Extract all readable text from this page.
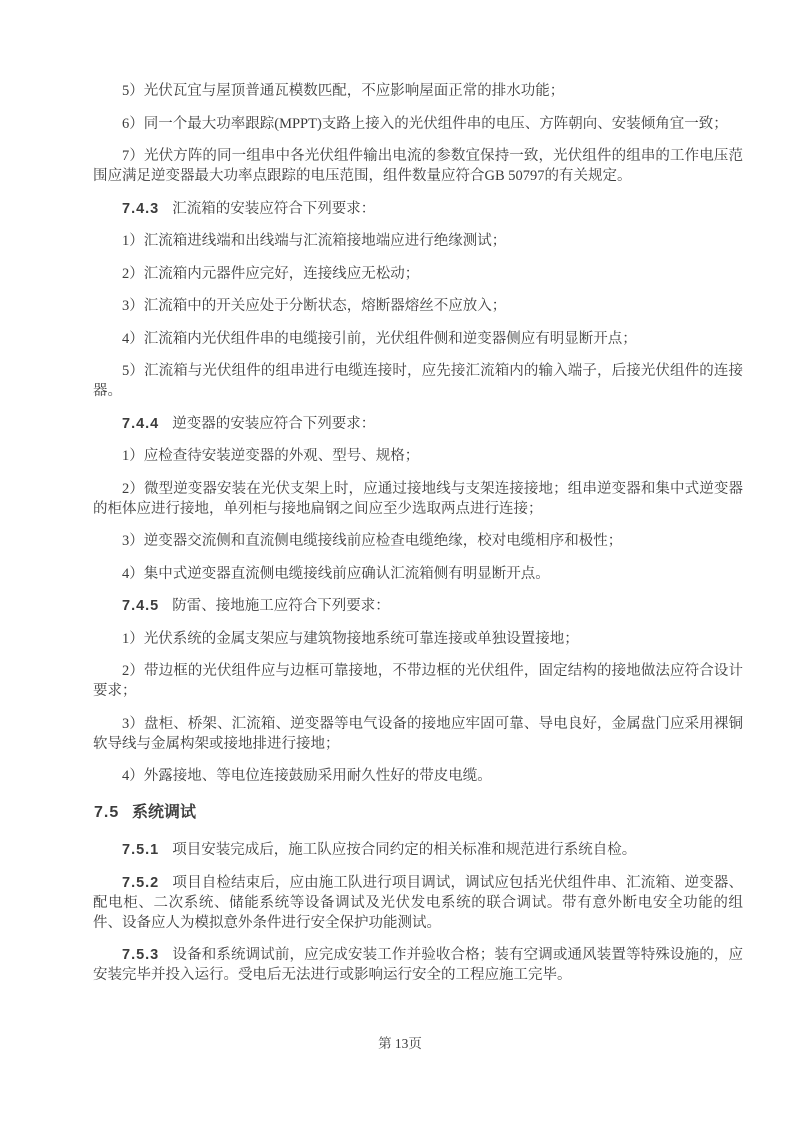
5）光伏瓦宜与屋顶普通瓦模数匹配，不应影响屋面正常的排水功能；

6）同一个最大功率跟踪(MPPT)支路上接入的光伏组件串的电压、方阵朝向、安装倾角宜一致；

7）光伏方阵的同一组串中各光伏组件输出电流的参数宜保持一致，光伏组件的组串的工作电压范围应满足逆变器最大功率点跟踪的电压范围，组件数量应符合GB 50797的有关规定。

7.4.3 汇流箱的安装应符合下列要求：

1）汇流箱进线端和出线端与汇流箱接地端应进行绝缘测试；

2）汇流箱内元器件应完好，连接线应无松动；

3）汇流箱中的开关应处于分断状态，熔断器熔丝不应放入；

4）汇流箱内光伏组件串的电缆接引前，光伏组件侧和逆变器侧应有明显断开点；

5）汇流箱与光伏组件的组串进行电缆连接时，应先接汇流箱内的输入端子，后接光伏组件的连接器。

7.4.4 逆变器的安装应符合下列要求：

1）应检查待安装逆变器的外观、型号、规格；

2）微型逆变器安装在光伏支架上时，应通过接地线与支架连接接地；组串逆变器和集中式逆变器的柜体应进行接地，单列柜与接地扁钢之间应至少选取两点进行连接；

3）逆变器交流侧和直流侧电缆接线前应检查电缆绝缘，校对电缆相序和极性；

4）集中式逆变器直流侧电缆接线前应确认汇流箱侧有明显断开点。

7.4.5 防雷、接地施工应符合下列要求：

1）光伏系统的金属支架应与建筑物接地系统可靠连接或单独设置接地；

2）带边框的光伏组件应与边框可靠接地，不带边框的光伏组件，固定结构的接地做法应符合设计要求；

3）盘柜、桥架、汇流箱、逆变器等电气设备的接地应牢固可靠、导电良好，金属盘门应采用裸铜软导线与金属构架或接地排进行接地；

4）外露接地、等电位连接鼓励采用耐久性好的带皮电缆。

7.5 系统调试

7.5.1 项目安装完成后，施工队应按合同约定的相关标准和规范进行系统自检。

7.5.2 项目自检结束后，应由施工队进行项目调试，调试应包括光伏组件串、汇流箱、逆变器、配电柜、二次系统、储能系统等设备调试及光伏发电系统的联合调试。带有意外断电安全功能的组件、设备应人为模拟意外条件进行安全保护功能测试。

7.5.3 设备和系统调试前，应完成安装工作并验收合格；装有空调或通风装置等特殊设施的，应安装完毕并投入运行。受电后无法进行或影响运行安全的工程应施工完毕。

第 13页
